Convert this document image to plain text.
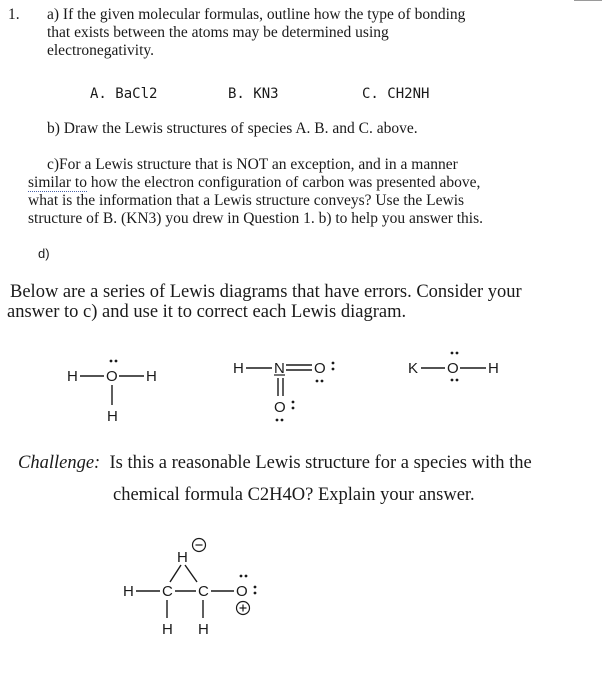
1. a) If the given molecular formulas, outline how the type of bonding
that exists between the atoms may be determined using
electronegativity.
A. BaCl2	B. KN3	C. CH2NH
b) Draw the Lewis structures of species A. B. and C. above.
c)For a Lewis structure that is NOT an exception, and in a manner
similar to how the electron configuration of carbon was presented above,
what is the information that a Lewis structure conveys? Use the Lewis
structure of B. (KN3) you drew in Question 1. b) to help you answer this.
d)
Below are a series of Lewis diagrams that have errors. Consider your
answer to c) and use it to correct each Lewis diagram.
H O H
H
H N O
O
K O H
H
H C C O
H H
Challenge: Is this a reasonable Lewis structure for a species with the
chemical formula C2H4O? Explain your answer.
